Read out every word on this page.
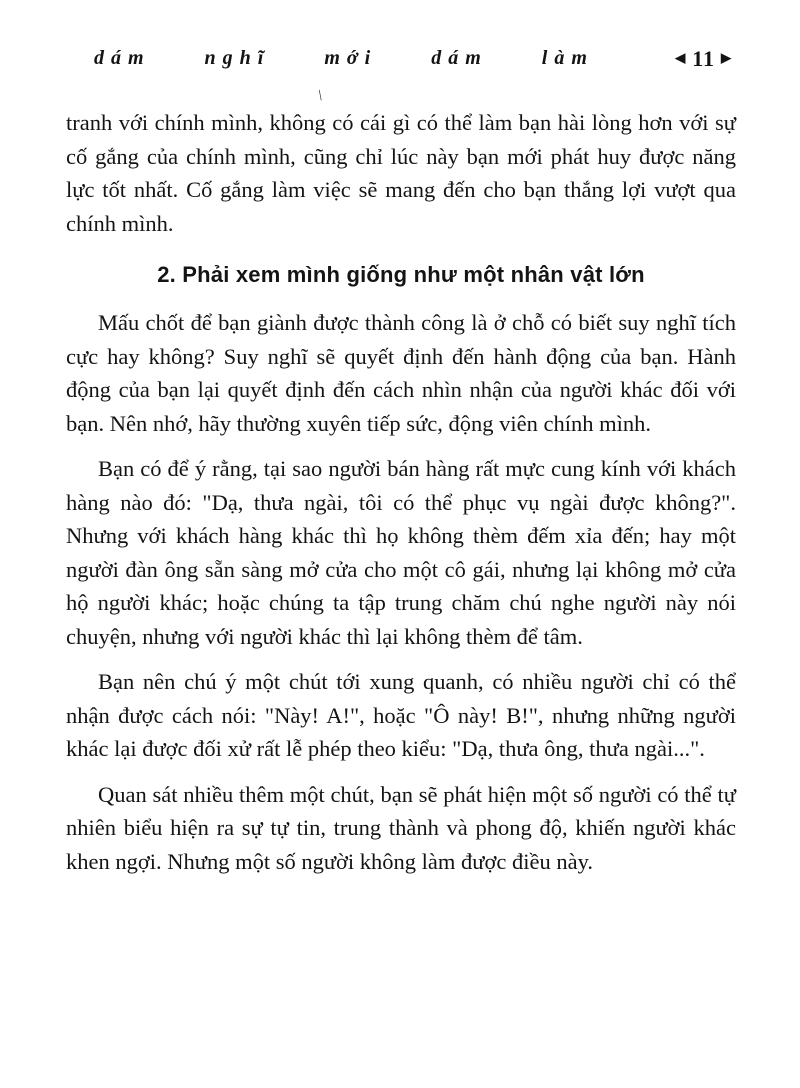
dám nghĩ mới dám làm	◀ 11 ▶
\

tranh với chính mình, không có cái gì có thể làm bạn hài lòng hơn với sự cố gắng của chính mình, cũng chỉ lúc này bạn mới phát huy được năng lực tốt nhất. Cố gắng làm việc sẽ mang đến cho bạn thắng lợi vượt qua chính mình.

2. Phải xem mình giống như một nhân vật lớn

Mấu chốt để bạn giành được thành công là ở chỗ có biết suy nghĩ tích cực hay không? Suy nghĩ sẽ quyết định đến hành động của bạn. Hành động của bạn lại quyết định đến cách nhìn nhận của người khác đối với bạn. Nên nhớ, hãy thường xuyên tiếp sức, động viên chính mình.

Bạn có để ý rằng, tại sao người bán hàng rất mực cung kính với khách hàng nào đó: "Dạ, thưa ngài, tôi có thể phục vụ ngài được không?". Nhưng với khách hàng khác thì họ không thèm đếm xỉa đến; hay một người đàn ông sẵn sàng mở cửa cho một cô gái, nhưng lại không mở cửa hộ người khác; hoặc chúng ta tập trung chăm chú nghe người này nói chuyện, nhưng với người khác thì lại không thèm để tâm.

Bạn nên chú ý một chút tới xung quanh, có nhiều người chỉ có thể nhận được cách nói: "Này! A!", hoặc "Ô này! B!", nhưng những người khác lại được đối xử rất lễ phép theo kiểu: "Dạ, thưa ông, thưa ngài...".

Quan sát nhiều thêm một chút, bạn sẽ phát hiện một số người có thể tự nhiên biểu hiện ra sự tự tin, trung thành và phong độ, khiến người khác khen ngợi. Nhưng một số người không làm được điều này.
